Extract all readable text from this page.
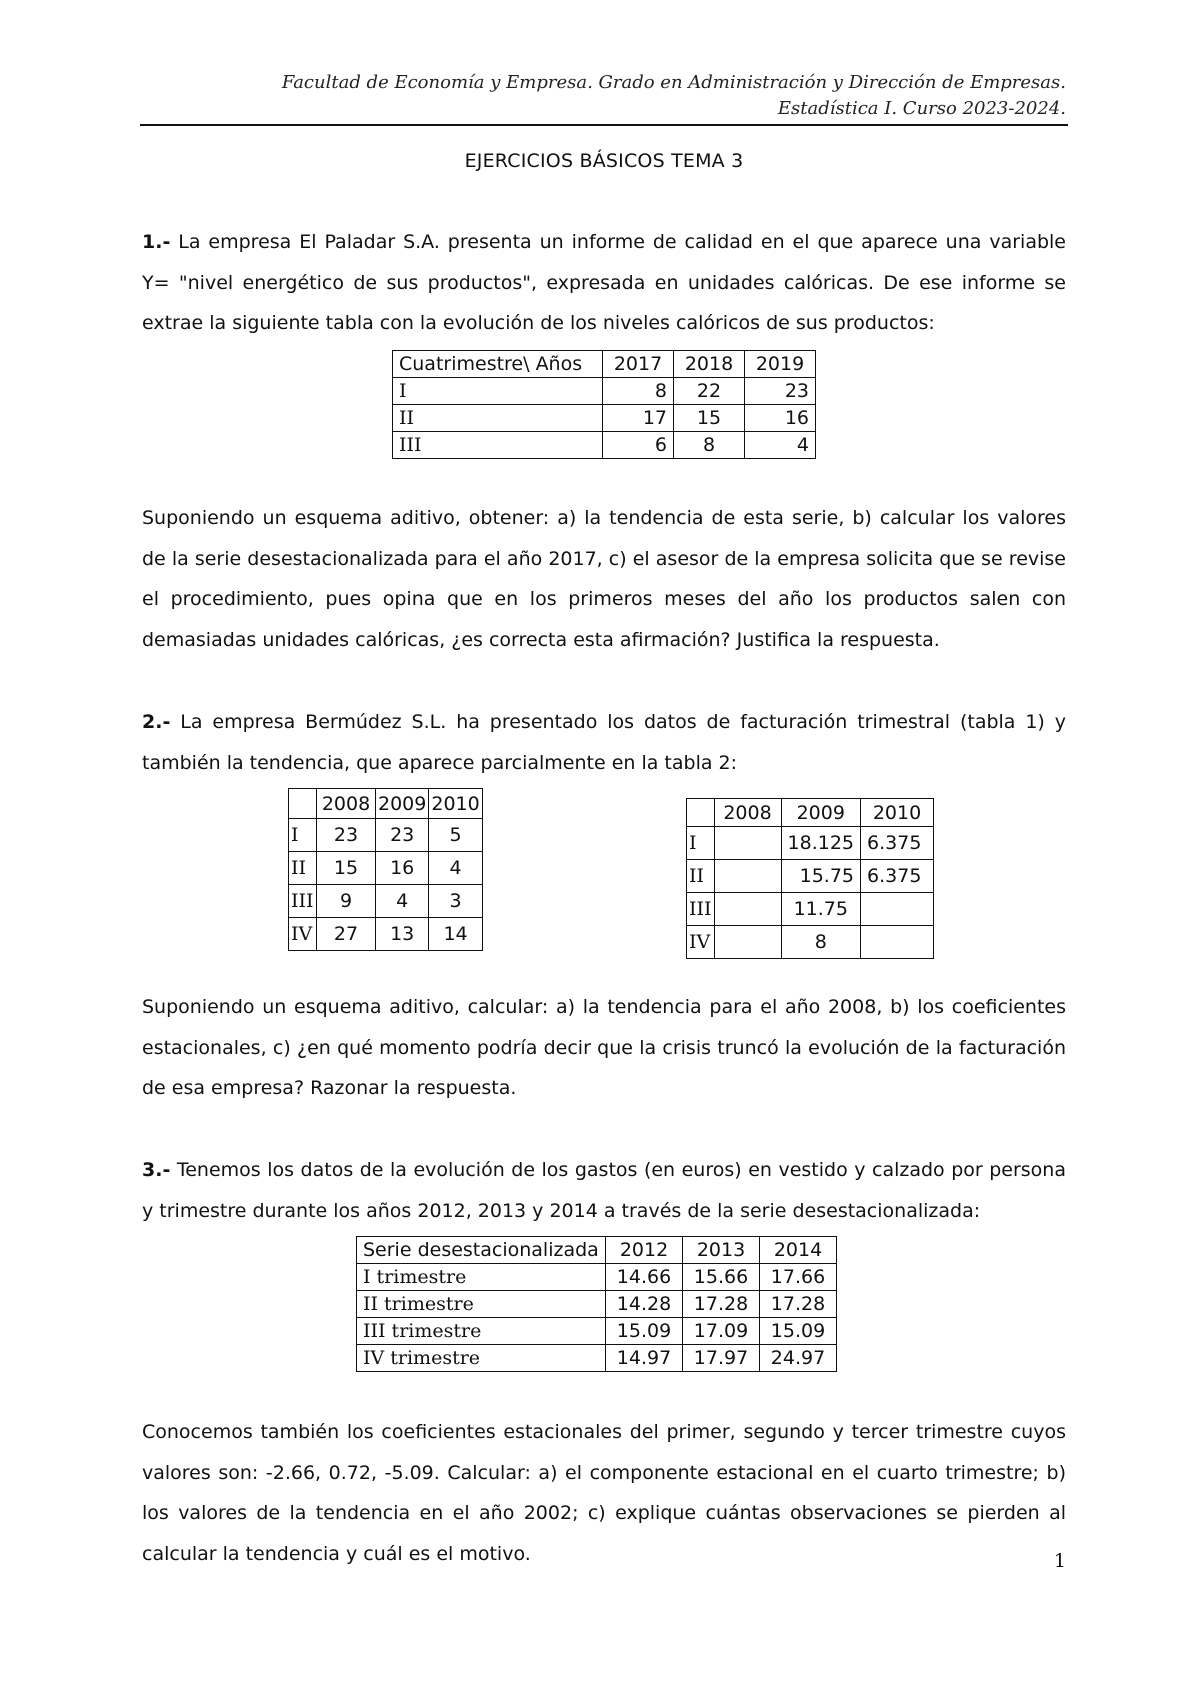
Facultad de Economía y Empresa. Grado en Administración y Dirección de Empresas.
Estadística I. Curso 2023-2024.
EJERCICIOS BÁSICOS TEMA 3
1.- La empresa El Paladar S.A. presenta un informe de calidad en el que aparece una variable Y= "nivel energético de sus productos", expresada en unidades calóricas. De ese informe se extrae la siguiente tabla con la evolución de los niveles calóricos de sus productos:
Cuatrimestre\ Años	2017	2018	2019
I	8	22	23
II	17	15	16
III	6	8	4
Suponiendo un esquema aditivo, obtener: a) la tendencia de esta serie, b) calcular los valores de la serie desestacionalizada para el año 2017, c) el asesor de la empresa solicita que se revise el procedimiento, pues opina que en los primeros meses del año los productos salen con demasiadas unidades calóricas, ¿es correcta esta afirmación? Justifica la respuesta.
2.- La empresa Bermúdez S.L. ha presentado los datos de facturación trimestral (tabla 1) y también la tendencia, que aparece parcialmente en la tabla 2:
	2008	2009	2010
I	23	23	5
II	15	16	4
III	9	4	3
IV	27	13	14
	2008	2009	2010
I		18.125	6.375
II		15.75	6.375
III		11.75	
IV		8	
Suponiendo un esquema aditivo, calcular: a) la tendencia para el año 2008, b) los coeficientes estacionales, c) ¿en qué momento podría decir que la crisis truncó la evolución de la facturación de esa empresa? Razonar la respuesta.
3.- Tenemos los datos de la evolución de los gastos (en euros) en vestido y calzado por persona y trimestre durante los años 2012, 2013 y 2014 a través de la serie desestacionalizada:
Serie desestacionalizada	2012	2013	2014
I trimestre	14.66	15.66	17.66
II trimestre	14.28	17.28	17.28
III trimestre	15.09	17.09	15.09
IV trimestre	14.97	17.97	24.97
Conocemos también los coeficientes estacionales del primer, segundo y tercer trimestre cuyos valores son: -2.66, 0.72, -5.09. Calcular: a) el componente estacional en el cuarto trimestre; b) los valores de la tendencia en el año 2002; c) explique cuántas observaciones se pierden al calcular la tendencia y cuál es el motivo.	1
